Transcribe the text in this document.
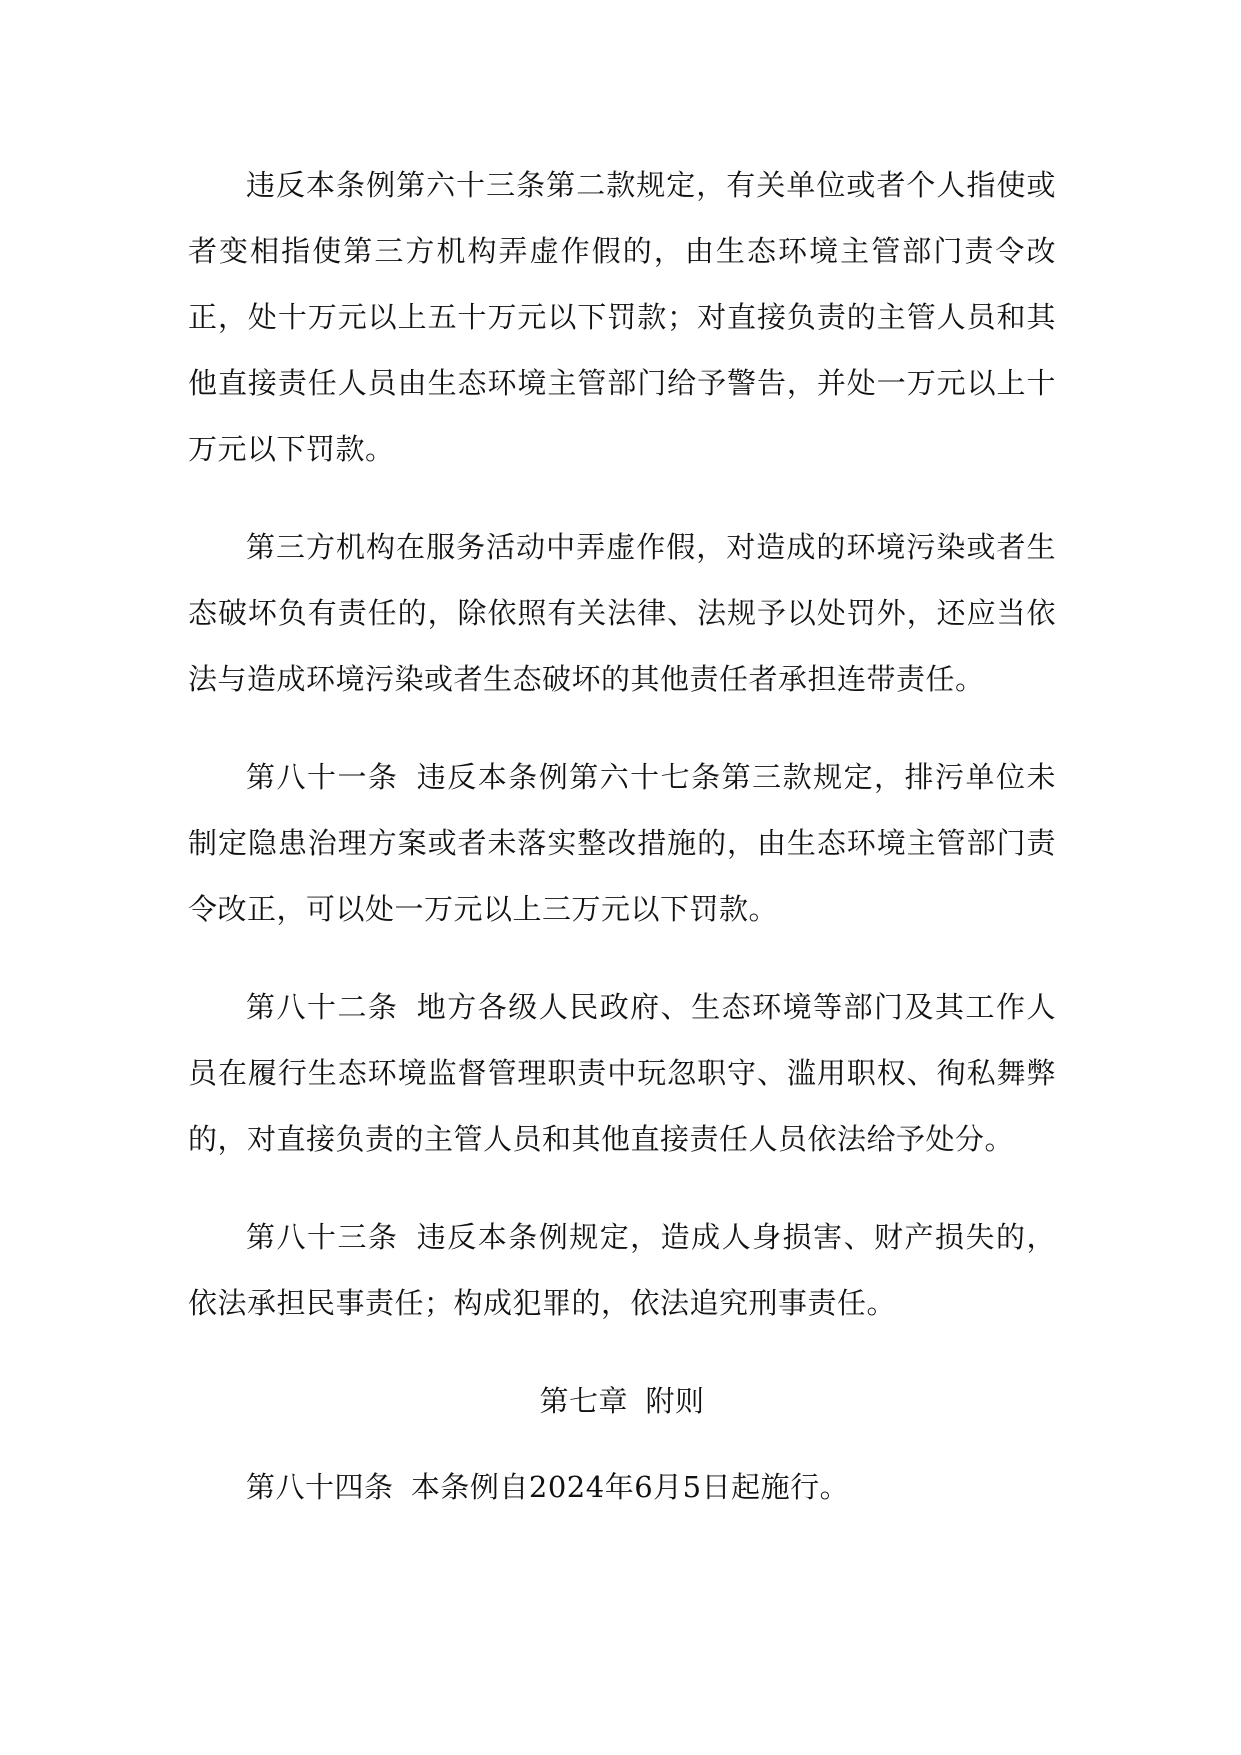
违反本条例第六十三条第二款规定，有关单位或者个人指使或者变相指使第三方机构弄虚作假的，由生态环境主管部门责令改正，处十万元以上五十万元以下罚款；对直接负责的主管人员和其他直接责任人员由生态环境主管部门给予警告，并处一万元以上十万元以下罚款。

第三方机构在服务活动中弄虚作假，对造成的环境污染或者生态破坏负有责任的，除依照有关法律、法规予以处罚外，还应当依法与造成环境污染或者生态破坏的其他责任者承担连带责任。

第八十一条 违反本条例第六十七条第三款规定，排污单位未制定隐患治理方案或者未落实整改措施的，由生态环境主管部门责令改正，可以处一万元以上三万元以下罚款。

第八十二条 地方各级人民政府、生态环境等部门及其工作人员在履行生态环境监督管理职责中玩忽职守、滥用职权、徇私舞弊的，对直接负责的主管人员和其他直接责任人员依法给予处分。

第八十三条 违反本条例规定，造成人身损害、财产损失的，依法承担民事责任；构成犯罪的，依法追究刑事责任。

第七章 附则

第八十四条 本条例自2024年6月5日起施行。
